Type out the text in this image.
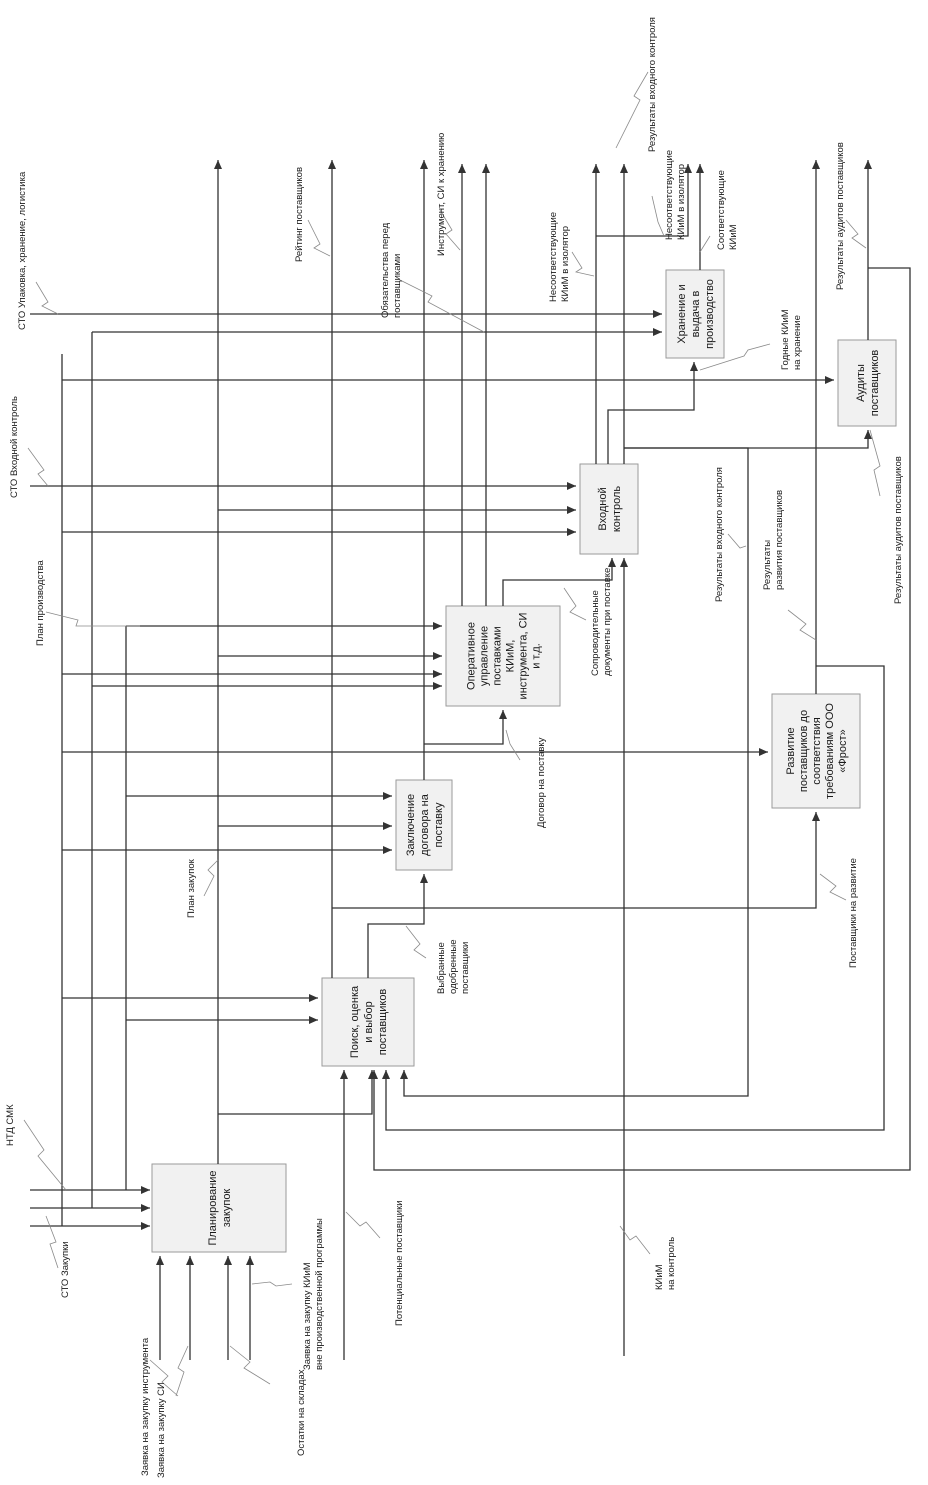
Планирование закупок
Поиск, оценка и выбор поставщиков
Заключение договора на поставку
ОперативноеуправлениепоставкамиКИиМ,инструмента, СИи т.д.
Входной контроль
Хранение и выдача в производство
Аудиты поставщиков
Развитиепоставщиков досоответствиятребованиям ООО«Фрост»
СТО Закупки
НТД СМК
План производства
СТО Входной контроль
СТО Упаковка, хранение, логистика	Рейтинг поставщиков
Обязательства передпоставщиками
Инструмент, СИ к хранению
НесоответствующиеКИиМ в изолятор
Результаты входного контроля
НесоответствующиеКИиМ в изолятор	СоответствующиеКИиМ
Годные КИиМна хранение
Результаты аудитов поставщиков
Результаты аудитов поставщиков
Результаты входного контроля	Результатыразвития поставщиков
Сопроводительныедокументы при поставке
Договор на поставку
План закупок
Выбранныеодобренныепоставщики	Поставщики на развитие
КИиМна контроль
Потенциальные поставщики
Заявка на закупку КИиМвне производственной программы
Остатки на складах
Заявка на закупку инструмента Заявка на закупку СИ
